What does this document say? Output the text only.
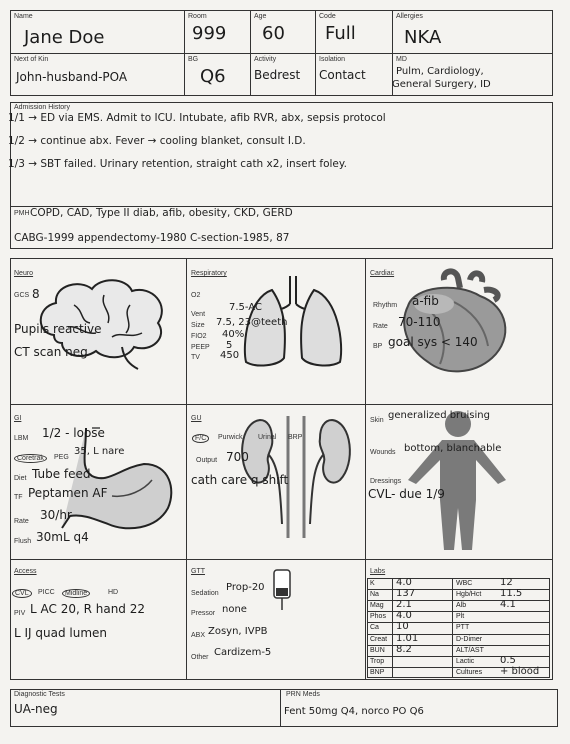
Name
Jane Doe
Room
999
Age
60
Code
Full
Allergies
NKA
Next of Kin
John-husband-POA
BG
Q6
Activity
Bedrest
Isolation
Contact
MD
Pulm, Cardiology,
General Surgery, ID
Admission History
1/1 → ED via EMS. Admit to ICU. Intubate, afib RVR, abx, sepsis protocol
1/2 → continue abx. Fever → cooling blanket, consult I.D.
1/3 → SBT failed. Urinary retention, straight cath x2, insert foley.
PMH COPD, CAD, Type II diab, afib, obesity, CKD, GERD
CABG-1999 appendectomy-1980 C-section-1985, 87
Neuro
GCS 8
Pupils reactive
CT scan neg
Respiratory
O2
Vent
7.5-AC
Size 7.5, 23@teeth
FIO2 40%
PEEP 5
TV 450
Cardiac
Rhythm a-fib
Rate 70-110
BP goal sys < 140
GI
LBM 1/2 - loose
Coretrak	PEG
35, L nare
Diet Tube feed
TF Peptamen AF
Rate 30/hr
Flush 30mL q4
GU
F/C	Purwick Urinal BRP
Output 700
cath care q shift
Skin generalized bruising
Wounds bottom, blanchable
Dressings
CVL- due 1/9
Access
CVL	PICC	Midline	HD
PIV L AC 20, R hand 22
L IJ quad lumen
GTT
Sedation
Prop-20
Pressor none
ABX Zosyn, IVPB
Other Cardizem-5
Labs
K 4.0	WBC	12
Na 137	Hgb/Hct 11.5
Mag 2.1	Alb	4.1
Phos 4.0	Plt
Ca 10	PTT
Creat 1.01	D-Dimer
BUN 8.2	ALT/AST
Trop	Lactic	0.5
BNP	Cultures + blood
Diagnostic Tests
UA-neg
PRN Meds
Fent 50mg Q4, norco PO Q6
